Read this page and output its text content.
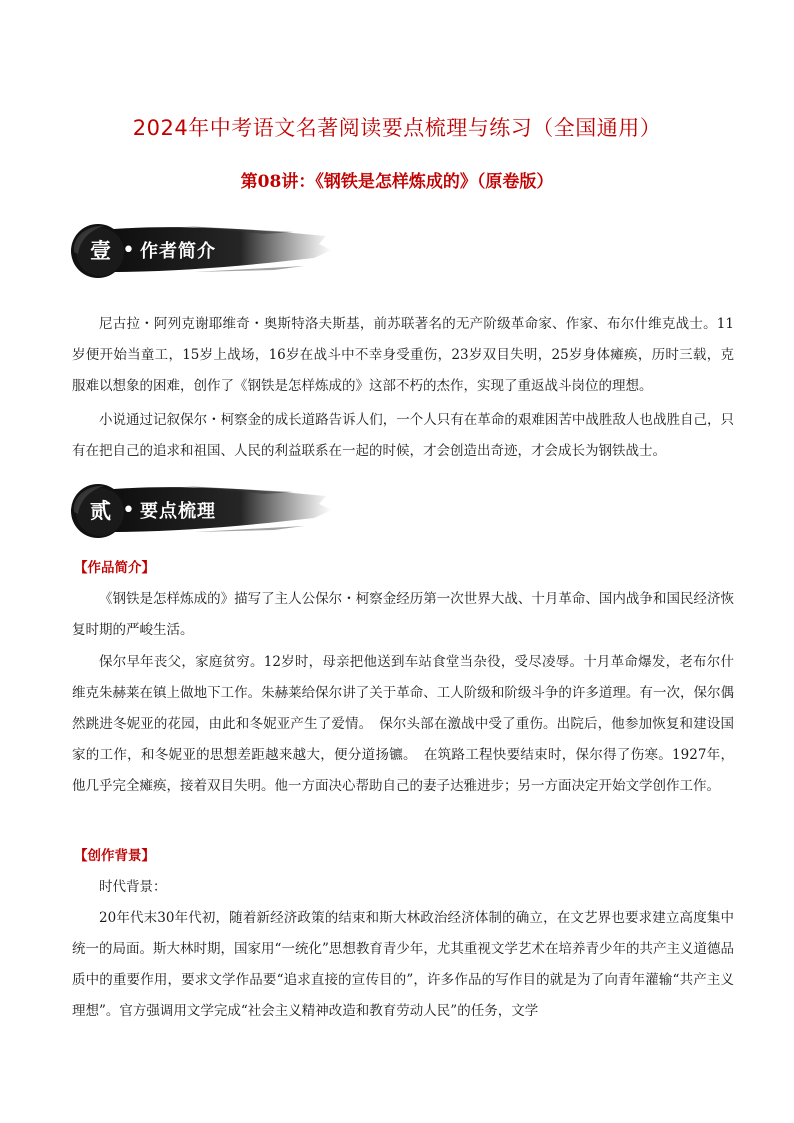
2024年中考语文名著阅读要点梳理与练习（全国通用）
第08讲：《钢铁是怎样炼成的》（原卷版）
壹 • 作者简介
尼古拉・阿列克谢耶维奇・奥斯特洛夫斯基，前苏联著名的无产阶级革命家、作家、布尔什维克战士。11岁便开始当童工，15岁上战场，16岁在战斗中不幸身受重伤，23岁双目失明，25岁身体瘫痪，历时三载，克服难以想象的困难，创作了《钢铁是怎样炼成的》这部不朽的杰作，实现了重返战斗岗位的理想。
小说通过记叙保尔・柯察金的成长道路告诉人们，一个人只有在革命的艰难困苦中战胜敌人也战胜自己，只有在把自己的追求和祖国、人民的利益联系在一起的时候，才会创造出奇迹，才会成长为钢铁战士。
贰 • 要点梳理
【作品简介】
《钢铁是怎样炼成的》描写了主人公保尔・柯察金经历第一次世界大战、十月革命、国内战争和国民经济恢复时期的严峻生活。
保尔早年丧父，家庭贫穷。12岁时，母亲把他送到车站食堂当杂役，受尽凌辱。十月革命爆发，老布尔什维克朱赫莱在镇上做地下工作。朱赫莱给保尔讲了关于革命、工人阶级和阶级斗争的许多道理。有一次，保尔偶然跳进冬妮亚的花园，由此和冬妮亚产生了爱情。　保尔头部在激战中受了重伤。出院后，他参加恢复和建设国家的工作，和冬妮亚的思想差距越来越大，便分道扬镳。　在筑路工程快要结束时，保尔得了伤寒。1927年，他几乎完全瘫痪，接着双目失明。他一方面决心帮助自己的妻子达雅进步；另一方面决定开始文学创作工作。
【创作背景】
时代背景：
20年代末30年代初，随着新经济政策的结束和斯大林政治经济体制的确立，在文艺界也要求建立高度集中统一的局面。斯大林时期，国家用“一统化”思想教育青少年，尤其重视文学艺术在培养青少年的共产主义道德品质中的重要作用，要求文学作品要“追求直接的宣传目的”，许多作品的写作目的就是为了向青年灌输“共产主义理想”。官方强调用文学完成“社会主义精神改造和教育劳动人民”的任务，文学
